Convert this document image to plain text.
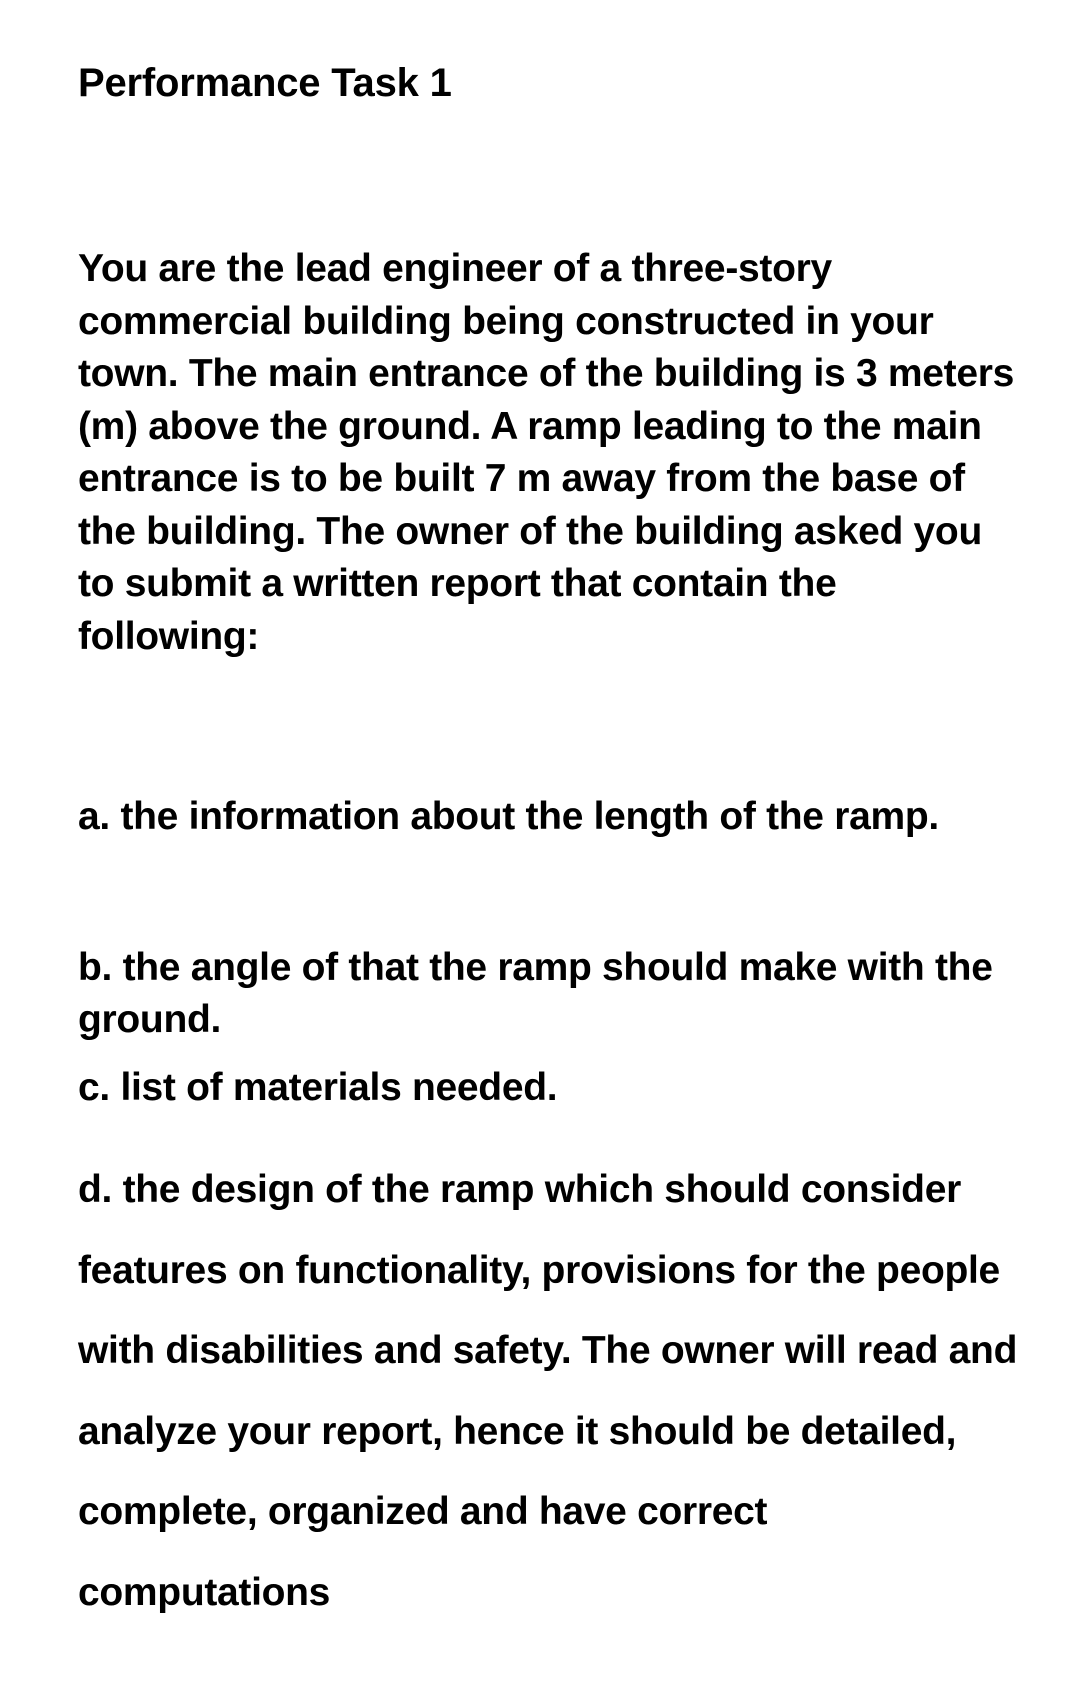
Performance Task 1

You are the lead engineer of a three-story commercial building being constructed in your town. The main entrance of the building is 3 meters (m) above the ground. A ramp leading to the main entrance is to be built 7 m away from the base of the building. The owner of the building asked you to submit a written report that contain the following:

a. the information about the length of the ramp.

b. the angle of that the ramp should make with the ground.

c. list of materials needed.

d. the design of the ramp which should consider features on functionality, provisions for the people with disabilities and safety. The owner will read and analyze your report, hence it should be detailed, complete, organized and have correct computations
